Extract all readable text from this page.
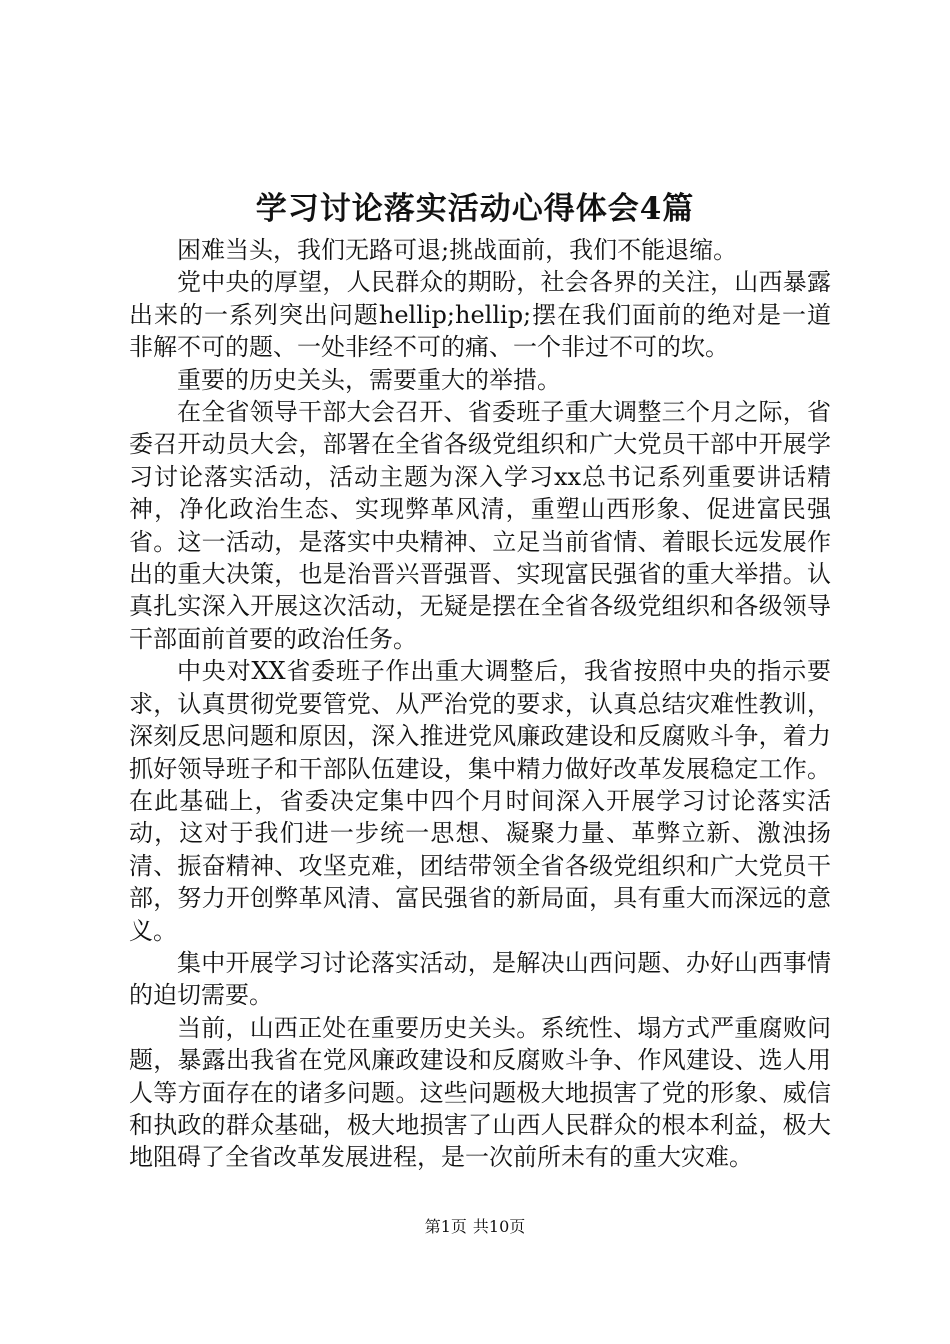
学习讨论落实活动心得体会4篇

困难当头，我们无路可退;挑战面前，我们不能退缩。

党中央的厚望，人民群众的期盼，社会各界的关注，山西暴露出来的一系列突出问题hellip;hellip;摆在我们面前的绝对是一道非解不可的题、一处非经不可的痛、一个非过不可的坎。

重要的历史关头，需要重大的举措。

在全省领导干部大会召开、省委班子重大调整三个月之际，省委召开动员大会，部署在全省各级党组织和广大党员干部中开展学习讨论落实活动，活动主题为深入学习xx总书记系列重要讲话精神，净化政治生态、实现弊革风清，重塑山西形象、促进富民强省。这一活动，是落实中央精神、立足当前省情、着眼长远发展作出的重大决策，也是治晋兴晋强晋、实现富民强省的重大举措。认真扎实深入开展这次活动，无疑是摆在全省各级党组织和各级领导干部面前首要的政治任务。

中央对XX省委班子作出重大调整后，我省按照中央的指示要求，认真贯彻党要管党、从严治党的要求，认真总结灾难性教训，深刻反思问题和原因，深入推进党风廉政建设和反腐败斗争，着力抓好领导班子和干部队伍建设，集中精力做好改革发展稳定工作。在此基础上，省委决定集中四个月时间深入开展学习讨论落实活动，这对于我们进一步统一思想、凝聚力量、革弊立新、激浊扬清、振奋精神、攻坚克难，团结带领全省各级党组织和广大党员干部，努力开创弊革风清、富民强省的新局面，具有重大而深远的意义。

集中开展学习讨论落实活动，是解决山西问题、办好山西事情的迫切需要。

当前，山西正处在重要历史关头。系统性、塌方式严重腐败问题，暴露出我省在党风廉政建设和反腐败斗争、作风建设、选人用人等方面存在的诸多问题。这些问题极大地损害了党的形象、威信和执政的群众基础，极大地损害了山西人民群众的根本利益，极大地阻碍了全省改革发展进程，是一次前所未有的重大灾难。

第1页 共10页
